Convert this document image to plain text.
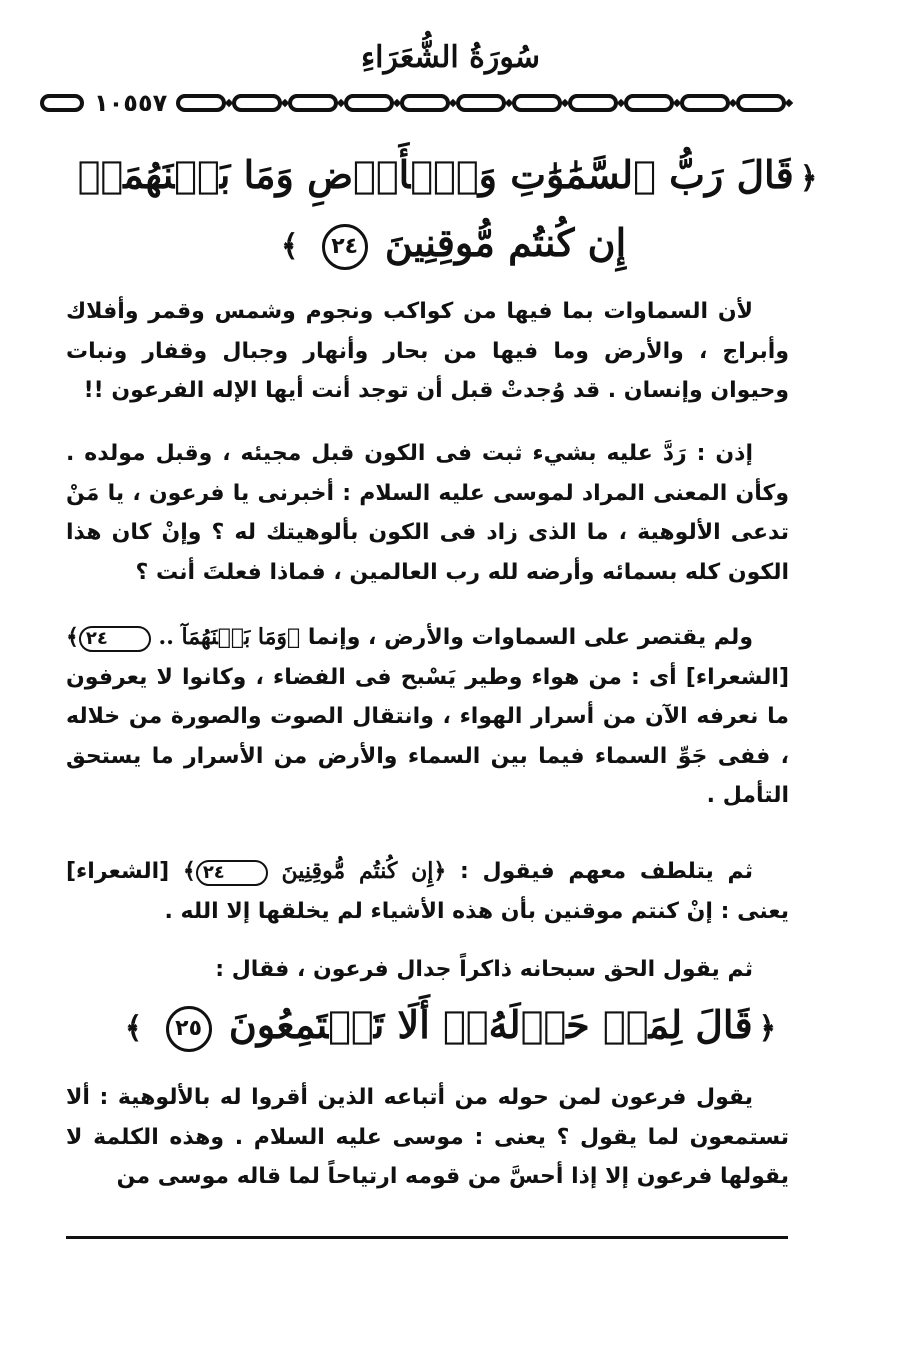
سُورَةُ الشُّعَرَاءِ
١٠٥٥٧
﴿قَالَ رَبُّ ٱلسَّمَٰوَٰتِ وَٱلۡأَرۡضِ وَمَا بَيۡنَهُمَآۖ
إِن كُنتُم مُّوقِنِينَ ٢٤ ﴾
لأن السماوات بما فيها من كواكب ونجوم وشمس وقمر وأفلاك وأبراج ، والأرض وما فيها من بحار وأنهار وجبال وقفار ونبات وحيوان وإنسان . قد وُجدتْ قبل أن توجد أنت أيها الإله الفرعون !!
إذن : رَدَّ عليه بشيء ثبت فى الكون قبل مجيئه ، وقبل مولده . وكأن المعنى المراد لموسى عليه السلام : أخبرنى يا فرعون ، يا مَنْ تدعى الألوهية ، ما الذى زاد فى الكون بألوهيتك له ؟ وإنْ كان هذا الكون كله بسمائه وأرضه لله رب العالمين ، فماذا فعلتَ أنت ؟
ولم يقتصر على السماوات والأرض ، وإنما ﴿وَمَا بَيۡنَهُمَآ .. ٢٤﴾ [الشعراء] أى : من هواء وطير يَسْبح فى الفضاء ، وكانوا لا يعرفون ما نعرفه الآن من أسرار الهواء ، وانتقال الصوت والصورة من خلاله ، ففى جَوِّ السماء فيما بين السماء والأرض من الأسرار ما يستحق التأمل .
ثم يتلطف معهم فيقول : ﴿إِن كُنتُم مُّوقِنِينَ ٢٤﴾ [الشعراء] يعنى : إنْ كنتم موقنين بأن هذه الأشياء لم يخلقها إلا الله .
ثم يقول الحق سبحانه ذاكراً جدال فرعون ، فقال :
﴿قَالَ لِمَنۡ حَوۡلَهُۥٓ أَلَا تَسۡتَمِعُونَ ٢٥ ﴾
يقول فرعون لمن حوله من أتباعه الذين أقروا له بالألوهية : ألا تستمعون لما يقول ؟ يعنى : موسى عليه السلام . وهذه الكلمة لا يقولها فرعون إلا إذا أحسَّ من قومه ارتياحاً لما قاله موسى من
